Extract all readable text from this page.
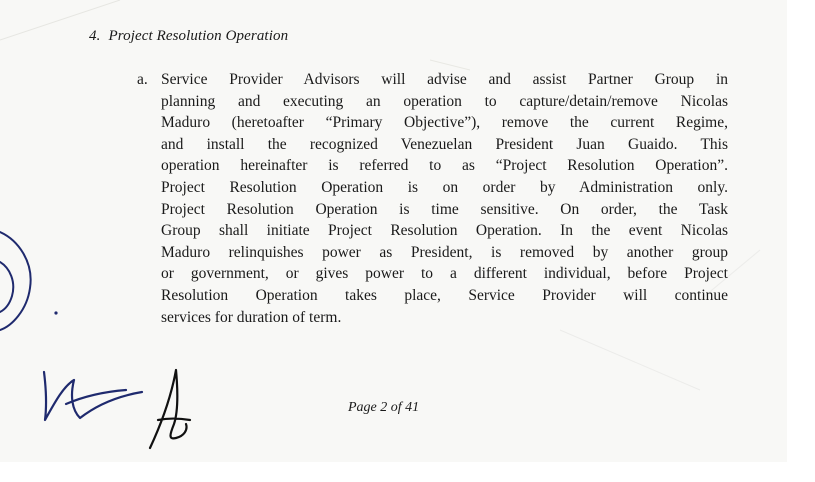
4. Project Resolution Operation
a. Service Provider Advisors will advise and assist Partner Group in
planning and executing an operation to capture/detain/remove Nicolas
Maduro (heretoafter “Primary Objective”), remove the current Regime,
and install the recognized Venezuelan President Juan Guaido. This
operation hereinafter is referred to as “Project Resolution Operation”.
Project Resolution Operation is on order by Administration only.
Project Resolution Operation is time sensitive. On order, the Task
Group shall initiate Project Resolution Operation. In the event Nicolas
Maduro relinquishes power as President, is removed by another group
or government, or gives power to a different individual, before Project
Resolution Operation takes place, Service Provider will continue
services for duration of term.
Page 2 of 41
